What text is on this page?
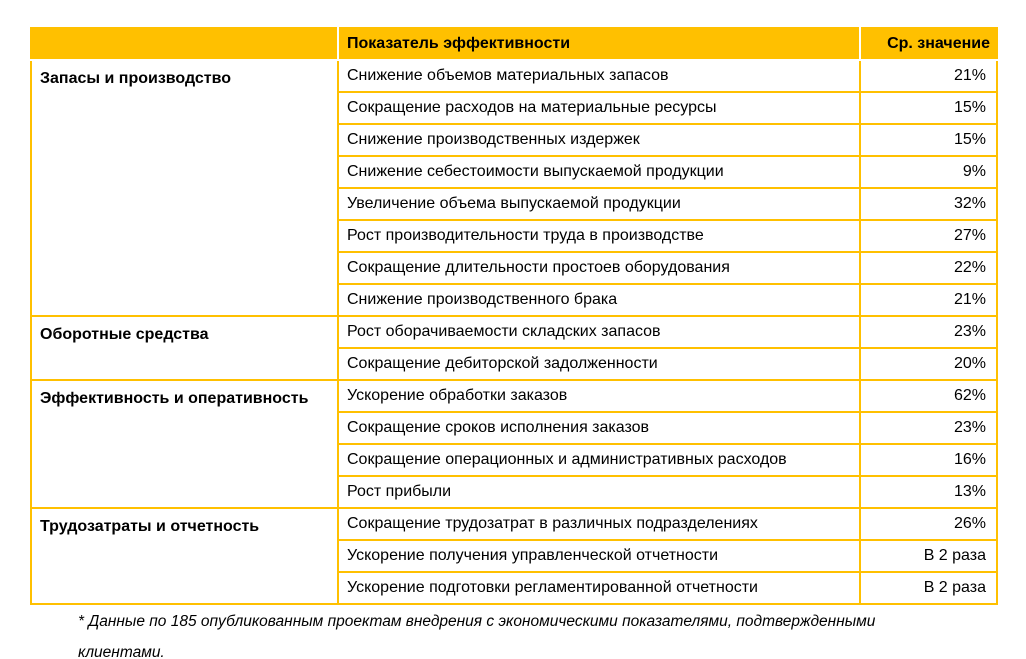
	Показатель эффективности	Ср. значение
Запасы и производство	Снижение объемов материальных запасов	21%
	Сокращение расходов на материальные ресурсы	15%
	Снижение производственных издержек	15%
	Снижение себестоимости выпускаемой продукции	9%
	Увеличение объема выпускаемой продукции	32%
	Рост производительности труда в производстве	27%
	Сокращение длительности простоев оборудования	22%
	Снижение производственного брака	21%
Оборотные средства	Рост оборачиваемости складских запасов	23%
	Сокращение дебиторской задолженности	20%
Эффективность и оперативность	Ускорение обработки заказов	62%
	Сокращение сроков исполнения заказов	23%
	Сокращение операционных и административных расходов	16%
	Рост прибыли	13%
Трудозатраты и отчетность	Сокращение трудозатрат в различных подразделениях	26%
	Ускорение получения управленческой отчетности	В 2 раза
	Ускорение подготовки регламентированной отчетности	В 2 раза

* Данные по 185 опубликованным проектам внедрения с экономическими показателями, подтвержденными клиентами.
